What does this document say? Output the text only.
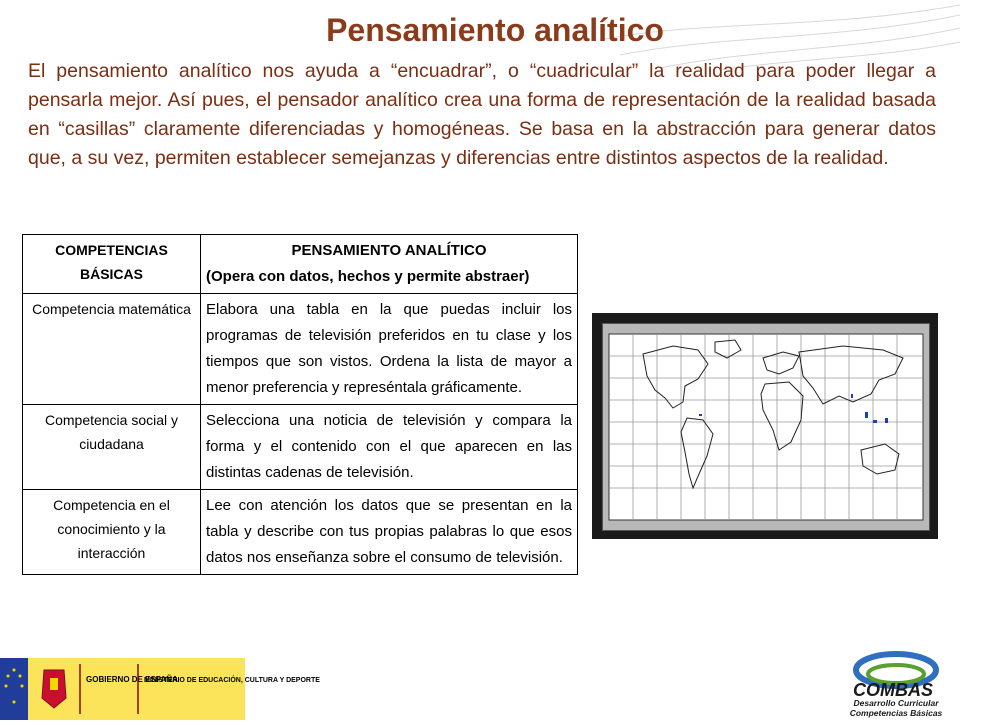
Pensamiento analítico

El pensamiento analítico nos ayuda a “encuadrar”, o “cuadricular” la realidad para poder llegar a pensarla mejor. Así pues, el pensador analítico crea una forma de representación de la realidad basada en “casillas” claramente diferenciadas y homogéneas. Se basa en la abstracción para generar datos que, a su vez, permiten establecer semejanzas y diferencias entre distintos aspectos de la realidad.

COMPETENCIAS BÁSICAS	PENSAMIENTO ANALÍTICO
(Opera con datos, hechos y permite abstraer)

Competencia matemática	Elabora una tabla en la que puedas incluir los programas de televisión preferidos en tu clase y los tiempos que son vistos. Ordena la lista de mayor a menor preferencia y represéntala gráficamente.
Competencia social y ciudadana	Selecciona una noticia de televisión y compara la forma y el contenido con el que aparecen en las distintas cadenas de televisión.
Competencia en el conocimiento y la interacción	Lee con atención los datos que se presentan en la tabla y describe con tus propias palabras lo que esos datos nos enseñanza sobre el consumo de televisión.
GOBIERNO DE ESPAÑA
MINISTERIO DE EDUCACIÓN, CULTURA Y DEPORTE	COMBAS
Desarrollo Curricular
Competencias Básicas
